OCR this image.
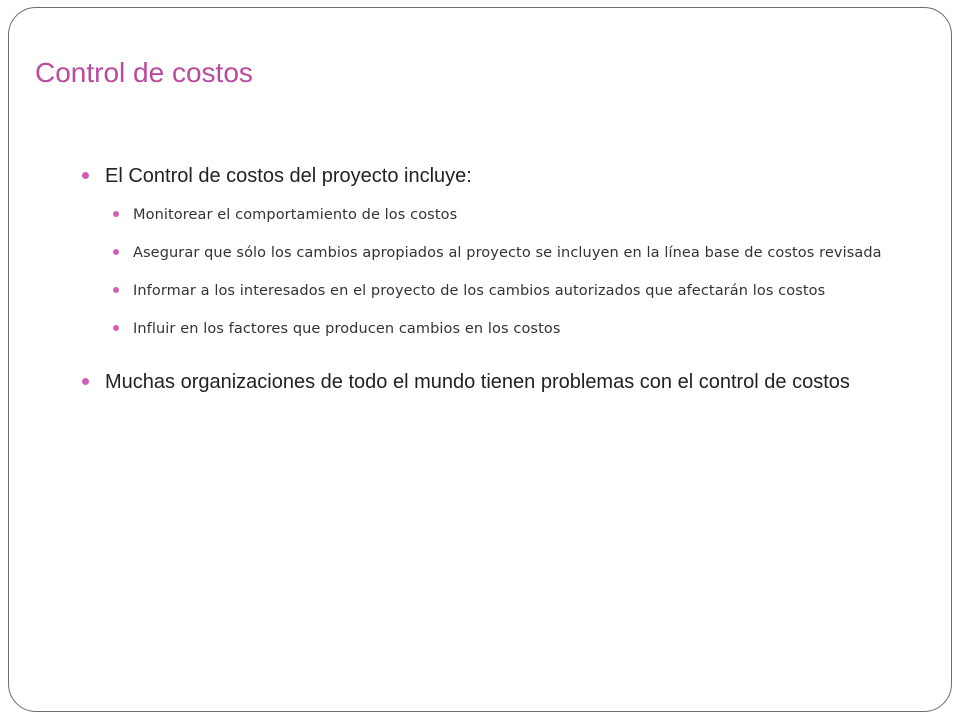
Control de costos
El Control de costos del proyecto incluye:
Monitorear el comportamiento de los costos
Asegurar que sólo los cambios apropiados al proyecto se incluyen en la línea base de costos revisada
Informar a los interesados en el proyecto de los cambios autorizados que afectarán los costos
Influir en los factores que producen cambios en los costos
Muchas organizaciones de todo el mundo tienen problemas con el control de costos
